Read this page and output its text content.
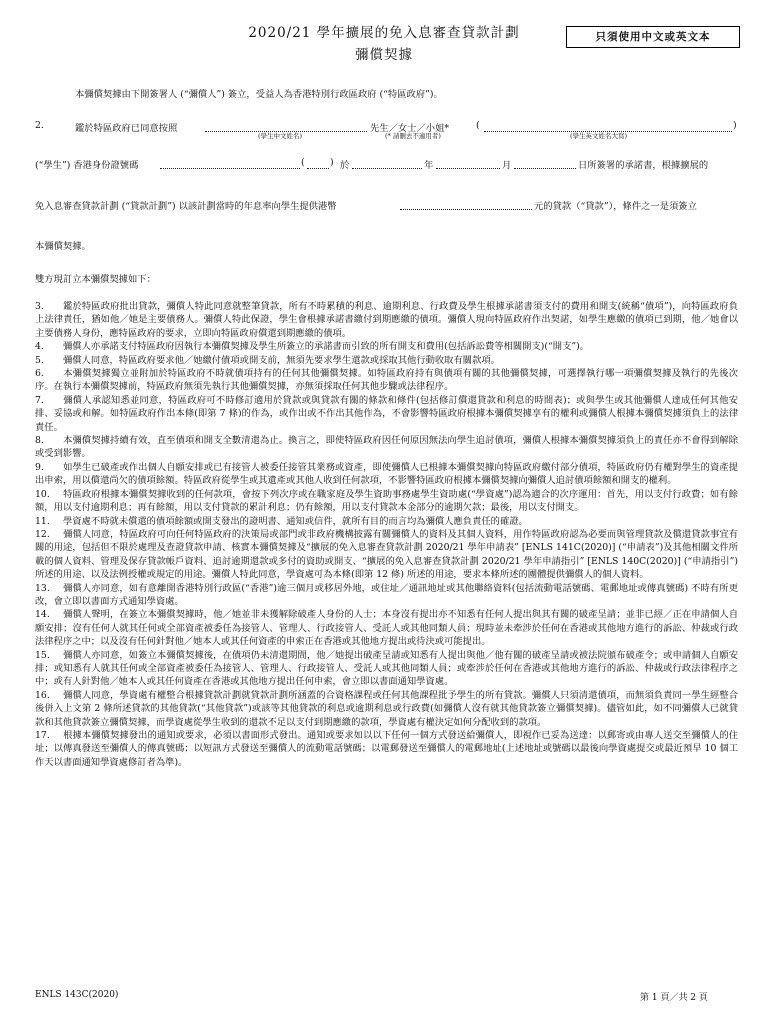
2020/21 學年擴展的免入息審查貸款計劃
彌償契據
只須使用中文或英文本
本彌償契據由下開簽署人 (“彌償人”) 簽立，受益人為香港特別行政區政府 (“特區政府”)。
2.	鑑於特區政府已同意按照	先生／女士／小姐*	(	)
(學生中文姓名)	(* 請刪去不適用者)	(學生英文姓名大寫)
(“學生”) 香港身份證號碼	(	) 於	年	月	日所簽署的承諾書，根據擴展的
免入息審查貸款計劃 (“貸款計劃”) 以該計劃當時的年息率向學生提供港幣	元的貸款（“貸款”），條件之一是須簽立
本彌償契據。
雙方現訂立本彌償契據如下：
3. 鑑於特區政府批出貸款，彌償人特此同意就整筆貸款，所有不時累積的利息、逾期利息、行政費及學生根據承諾書須支付的費用和開支(統稱“債項”)，向特區政府負上法律責任，猶如他／她是主要債務人。彌償人特此保證，學生會根據承諾書繳付到期應繳的債項。彌償人現向特區政府作出契諾，如學生應繳的債項已到期，他／她會以主要債務人身份，應特區政府的要求，立即向特區政府償還到期應繳的債項。
4. 彌償人亦承諾支付特區政府因執行本彌償契據及學生所簽立的承諾書而引致的所有開支和費用(包括訴訟費等相關開支)(“開支”)。
5. 彌償人同意，特區政府要求他／她繳付債項或開支前，無須先要求學生還款或採取其他行動收取有關款項。
6. 本彌償契據獨立並附加於特區政府不時就債項持有的任何其他彌償契據。如特區政府持有與債項有關的其他彌償契據，可選擇執行哪一項彌償契據及執行的先後次序。在執行本彌償契據前，特區政府無須先執行其他彌償契據，亦無須採取任何其他步驟或法律程序。
7. 彌償人承認知悉並同意，特區政府可不時修訂適用於貸款或與貸款有關的條款和條件(包括修訂償還貸款和利息的時間表)；或與學生或其他彌償人達成任何其他安排、妥協或和解。如特區政府作出本條(即第 7 條)的作為，或作出或不作出其他作為，不會影響特區政府根據本彌償契據享有的權利或彌償人根據本彌償契據須負上的法律責任。
8. 本彌償契據持續有效，直至債項和開支全數清還為止。換言之，即使特區政府因任何原因無法向學生追討債項，彌償人根據本彌償契據須負上的責任亦不會得到解除或受到影響。
9. 如學生已破產或作出個人自願安排或已有接管人被委任接管其業務或資產，即使彌償人已根據本彌償契據向特區政府繳付部分債項，特區政府仍有權對學生的資產提出申索，用以償還尚欠的債項餘額。特區政府從學生或其遺產或其他人收到任何款項，不影響特區政府根據本彌償契據向彌償人追討債項餘額和開支的權利。
10. 特區政府根據本彌償契據收到的任何款項，會按下列次序或在職家庭及學生資助事務處學生資助處(“學資處”)認為適合的次序運用：首先，用以支付行政費；如有餘額，用以支付逾期利息；再有餘額，用以支付貸款的累計利息；仍有餘額，用以支付貸款本金部分的逾期欠款；最後，用以支付開支。
11. 學資處不時就未償還的債項餘額或開支發出的證明書、通知或信件，就所有目的而言均為彌償人應負責任的確證。
12. 彌償人同意，特區政府可向任何特區政府的決策局或部門或非政府機構披露有關彌償人的資料及其個人資料，用作特區政府認為必要而與管理貸款及償還貸款事宜有關的用途，包括但不限於處理及查證貸款申請、核實本彌償契據及“擴展的免入息審查貸款計劃 2020/21 學年申請表” [ENLS 141C(2020)] (“申請表”)及其他相關文件所載的個人資料、管理及保存貸款帳戶資料、追討逾期還款或多付的資助或開支、“擴展的免入息審查貸款計劃 2020/21 學年申請指引” [ENLS 140C(2020)] (“申請指引”) 所述的用途、以及法例授權或規定的用途。彌償人特此同意，學資處可為本條(即第 12 條) 所述的用途，要求本條所述的團體提供彌償人的個人資料。
13. 彌償人亦同意，如有意離開香港特別行政區(“香港”)逾三個月或移居外地，或住址／通訊地址或其他聯絡資料(包括流動電話號碼、電郵地址或傳真號碼) 不時有所更改，會立即以書面方式通知學資處。
14. 彌償人聲明，在簽立本彌償契據時，他／她並非未獲解除破產人身份的人士；本身沒有提出亦不知悉有任何人提出與其有關的破產呈請；並非已經／正在申請個人自願安排；沒有任何人就其任何或全部資產被委任為接管人、管理人、行政接管人、受託人或其他同類人員；現時並未牽涉於任何在香港或其他地方進行的訴訟、仲裁或行政法律程序之中；以及沒有任何針對他／她本人或其任何資產的申索正在香港或其他地方提出或待決或可能提出。
15. 彌償人亦同意，如簽立本彌償契據後，在債項仍未清還期間，他／她提出破產呈請或知悉有人提出與他／他有關的破產呈請或被法院頒布破產令；或申請個人自願安排；或知悉有人就其任何或全部資產被委任為接管人、管理人、行政接管人、受託人或其他同類人員；或牽涉於任何在香港或其他地方進行的訴訟、仲裁或行政法律程序之中；或有人針對他／她本人或其任何資產在香港或其他地方提出任何申索，會立即以書面通知學資處。
16. 彌償人同意，學資處有權整合根據貸款計劃就貸款計劃所涵蓋的合資格課程或任何其他課程批予學生的所有貸款。彌償人只須清還債項，而無須負責同一學生經整合後併入上文第 2 條所述貸款的其他貸款(“其他貸款”)或該等其他貸款的利息或逾期利息或行政費(如彌償人沒有就其他貸款簽立彌償契據)。儘管如此，如不同彌償人已就貸款和其他貸款簽立彌償契據，而學資處從學生收到的還款不足以支付到期應繳的款項，學資處有權決定如何分配收到的款項。
17. 根據本彌償契據發出的通知或要求，必須以書面形式發出。通知或要求如以以下任何一個方式發送給彌償人，即視作已妥為送達：以郵寄或由專人送交至彌償人的住址；以傳真發送至彌償人的傳真號碼；以短訊方式發送至彌償人的流動電話號碼；以電郵發送至彌償人的電郵地址(上述地址或號碼以最後向學資處提交或最近預早 10 個工作天以書面通知學資處修訂者為準)。
ENLS 143C(2020)	第 1 頁／共 2 頁
